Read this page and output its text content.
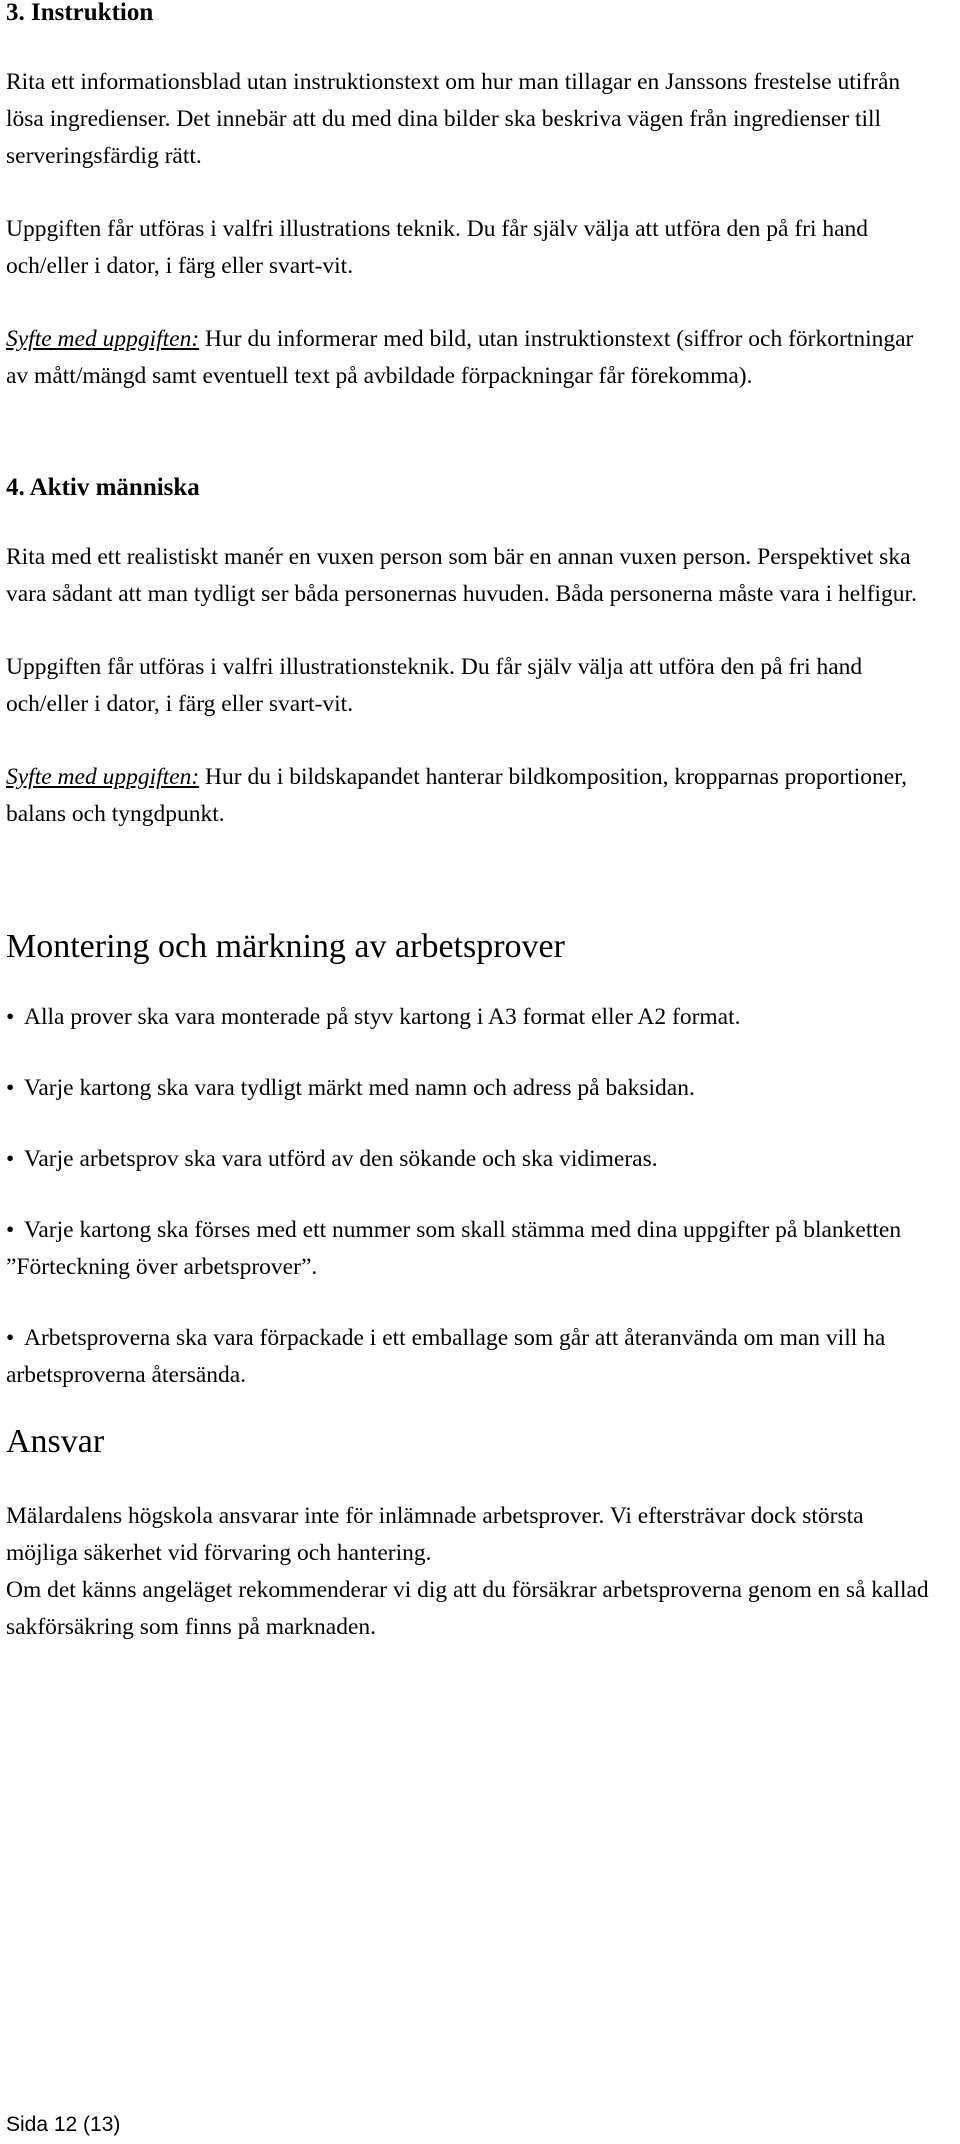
3. Instruktion

Rita ett informationsblad utan instruktionstext om hur man tillagar en Janssons frestelse utifrån lösa ingredienser. Det innebär att du med dina bilder ska beskriva vägen från ingredienser till serveringsfärdig rätt.

Uppgiften får utföras i valfri illustrations teknik. Du får själv välja att utföra den på fri hand och/eller i dator, i färg eller svart-vit.

Syfte med uppgiften: Hur du informerar med bild, utan instruktionstext (siffror och förkortningar av mått/mängd samt eventuell text på avbildade förpackningar får förekomma).

4. Aktiv människa

Rita med ett realistiskt manér en vuxen person som bär en annan vuxen person. Perspektivet ska vara sådant att man tydligt ser båda personernas huvuden. Båda personerna måste vara i helfigur.

Uppgiften får utföras i valfri illustrationsteknik. Du får själv välja att utföra den på fri hand och/eller i dator, i färg eller svart-vit.

Syfte med uppgiften: Hur du i bildskapandet hanterar bildkomposition, kropparnas proportioner, balans och tyngdpunkt.

Montering och märkning av arbetsprover

• Alla prover ska vara monterade på styv kartong i A3 format eller A2 format.

• Varje kartong ska vara tydligt märkt med namn och adress på baksidan.

• Varje arbetsprov ska vara utförd av den sökande och ska vidimeras.

• Varje kartong ska förses med ett nummer som skall stämma med dina uppgifter på blanketten ”Förteckning över arbetsprover”.

• Arbetsproverna ska vara förpackade i ett emballage som går att återanvända om man vill ha arbetsproverna återsända.

Ansvar

Mälardalens högskola ansvarar inte för inlämnade arbetsprover. Vi eftersträvar dock största möjliga säkerhet vid förvaring och hantering.

Om det känns angeläget rekommenderar vi dig att du försäkrar arbetsproverna genom en så kallad sakförsäkring som finns på marknaden.

Sida 12 (13)
